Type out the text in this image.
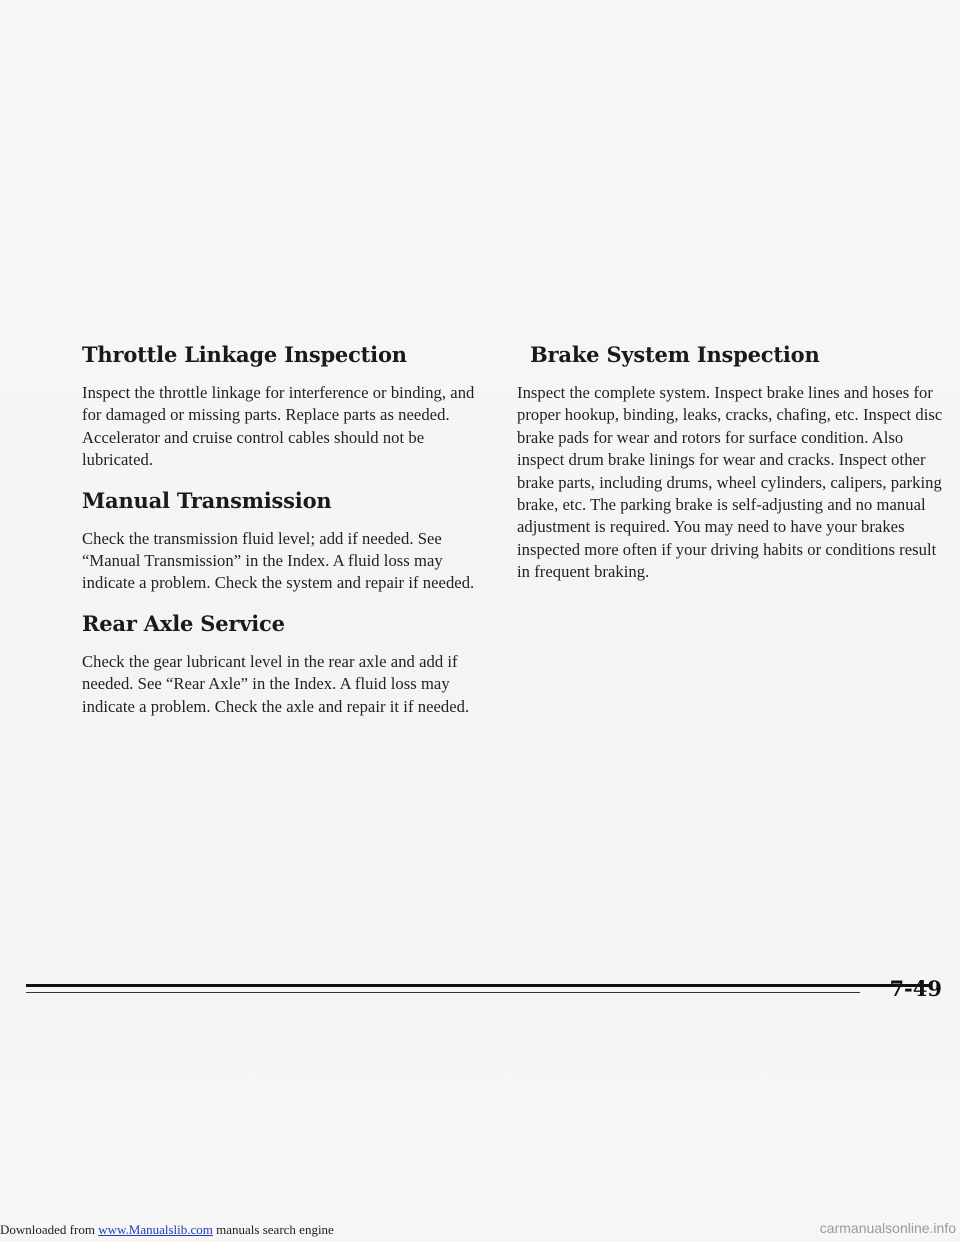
Throttle Linkage Inspection

Inspect the throttle linkage for interference or binding, and for damaged or missing parts. Replace parts as needed. Accelerator and cruise control cables should not be lubricated.

Manual Transmission

Check the transmission fluid level; add if needed. See “Manual Transmission” in the Index. A fluid loss may indicate a problem. Check the system and repair if needed.

Rear Axle Service

Check the gear lubricant level in the rear axle and add if needed. See “Rear Axle” in the Index. A fluid loss may indicate a problem. Check the axle and repair it if needed.

Brake System Inspection

Inspect the complete system. Inspect brake lines and hoses for proper hookup, binding, leaks, cracks, chafing, etc. Inspect disc brake pads for wear and rotors for surface condition. Also inspect drum brake linings for wear and cracks. Inspect other brake parts, including drums, wheel cylinders, calipers, parking brake, etc. The parking brake is self-adjusting and no manual adjustment is required. You may need to have your brakes inspected more often if your driving habits or conditions result in frequent braking.

7-49
Downloaded from www.Manualslib.com manuals search engine	carmanualsonline.info
